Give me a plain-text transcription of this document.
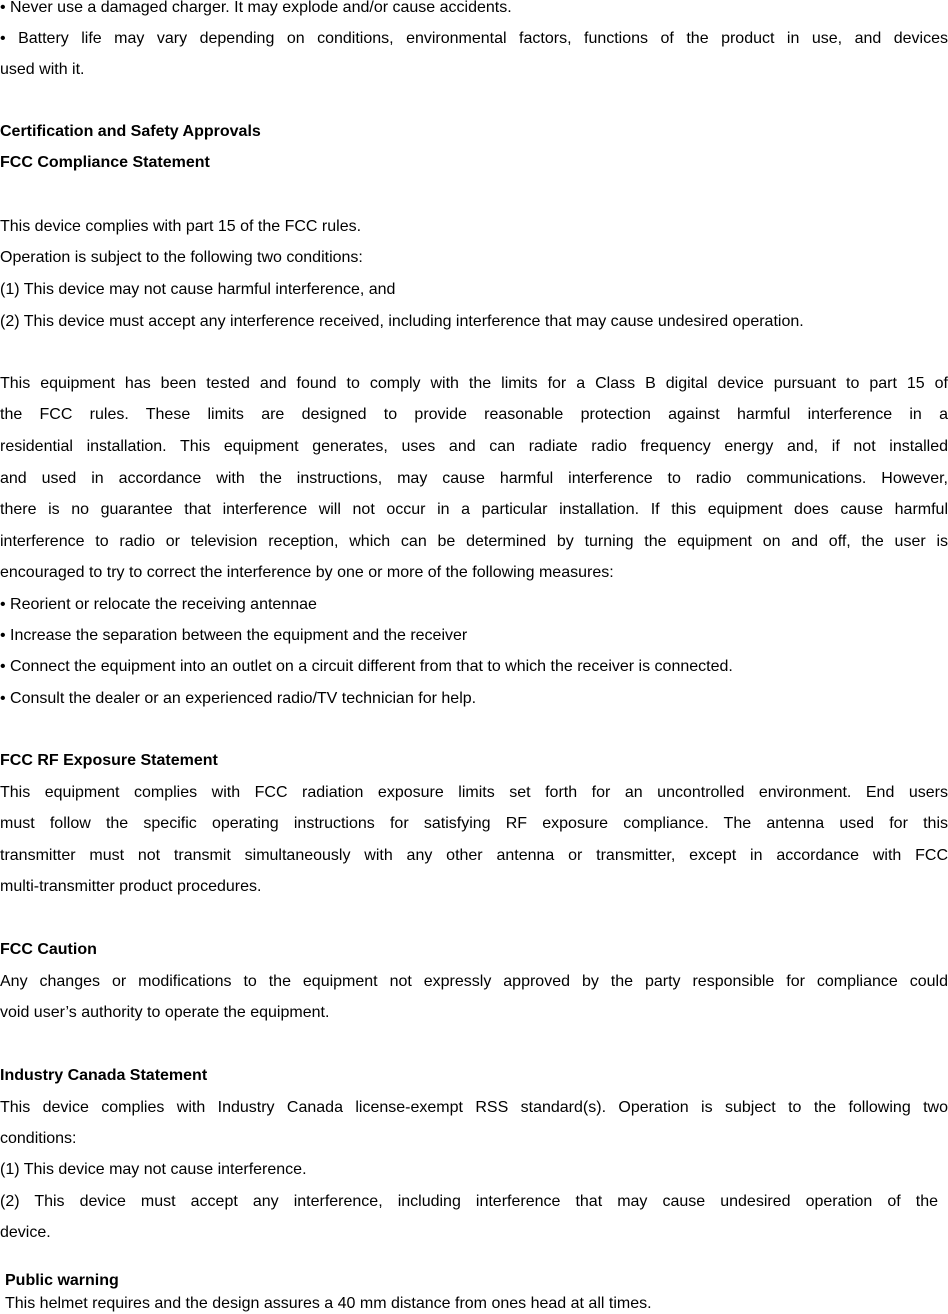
• Never use a damaged charger. It may explode and/or cause accidents.
• Battery life may vary depending on conditions, environmental factors, functions of the product in use, and devices
used with it.
Certification and Safety Approvals
FCC Compliance Statement
This device complies with part 15 of the FCC rules.
Operation is subject to the following two conditions:
(1) This device may not cause harmful interference, and
(2) This device must accept any interference received, including interference that may cause undesired operation.
This equipment has been tested and found to comply with the limits for a Class B digital device pursuant to part 15 of
the FCC rules. These limits are designed to provide reasonable protection against harmful interference in a
residential installation. This equipment generates, uses and can radiate radio frequency energy and, if not installed
and used in accordance with the instructions, may cause harmful interference to radio communications. However,
there is no guarantee that interference will not occur in a particular installation. If this equipment does cause harmful
interference to radio or television reception, which can be determined by turning the equipment on and off, the user is
encouraged to try to correct the interference by one or more of the following measures:
• Reorient or relocate the receiving antennae
• Increase the separation between the equipment and the receiver
• Connect the equipment into an outlet on a circuit different from that to which the receiver is connected.
• Consult the dealer or an experienced radio/TV technician for help.
FCC RF Exposure Statement
This equipment complies with FCC radiation exposure limits set forth for an uncontrolled environment. End users
must follow the specific operating instructions for satisfying RF exposure compliance. The antenna used for this
transmitter must not transmit simultaneously with any other antenna or transmitter, except in accordance with FCC
multi-transmitter product procedures.
FCC Caution
Any changes or modifications to the equipment not expressly approved by the party responsible for compliance could
void user’s authority to operate the equipment.
Industry Canada Statement
This device complies with Industry Canada license-exempt RSS standard(s). Operation is subject to the following two
conditions:
(1) This device may not cause interference.
(2) This device must accept any interference, including interference that may cause undesired operation of the
device.
Public warning
This helmet requires and the design assures a 40 mm distance from ones head at all times.
